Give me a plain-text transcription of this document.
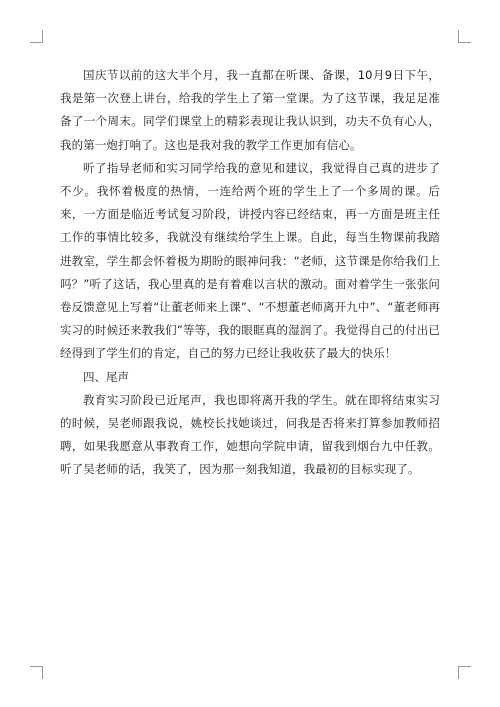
国庆节以前的这大半个月，我一直都在听课、备课，10月9日下午，我是第一次登上讲台，给我的学生上了第一堂课。为了这节课，我足足准备了一个周末。同学们课堂上的精彩表现让我认识到，功夫不负有心人，我的第一炮打响了。这也是我对我的教学工作更加有信心。

听了指导老师和实习同学给我的意见和建议，我觉得自己真的进步了不少。我怀着极度的热情，一连给两个班的学生上了一个多周的课。后来，一方面是临近考试复习阶段，讲授内容已经结束，再一方面是班主任工作的事情比较多，我就没有继续给学生上课。自此，每当生物课前我踏进教室，学生都会怀着极为期盼的眼神问我：“老师，这节课是你给我们上吗？”听了这话，我心里真的是有着难以言状的激动。面对着学生一张张问卷反馈意见上写着“让董老师来上课”、“不想董老师离开九中”、“董老师再实习的时候还来教我们”等等，我的眼眶真的湿润了。我觉得自己的付出已经得到了学生们的肯定，自己的努力已经让我收获了最大的快乐！

四、尾声

教育实习阶段已近尾声，我也即将离开我的学生。就在即将结束实习的时候，吴老师跟我说，姚校长找她谈过，问我是否将来打算参加教师招聘，如果我愿意从事教育工作，她想向学院申请，留我到烟台九中任教。听了吴老师的话，我笑了，因为那一刻我知道，我最初的目标实现了。
